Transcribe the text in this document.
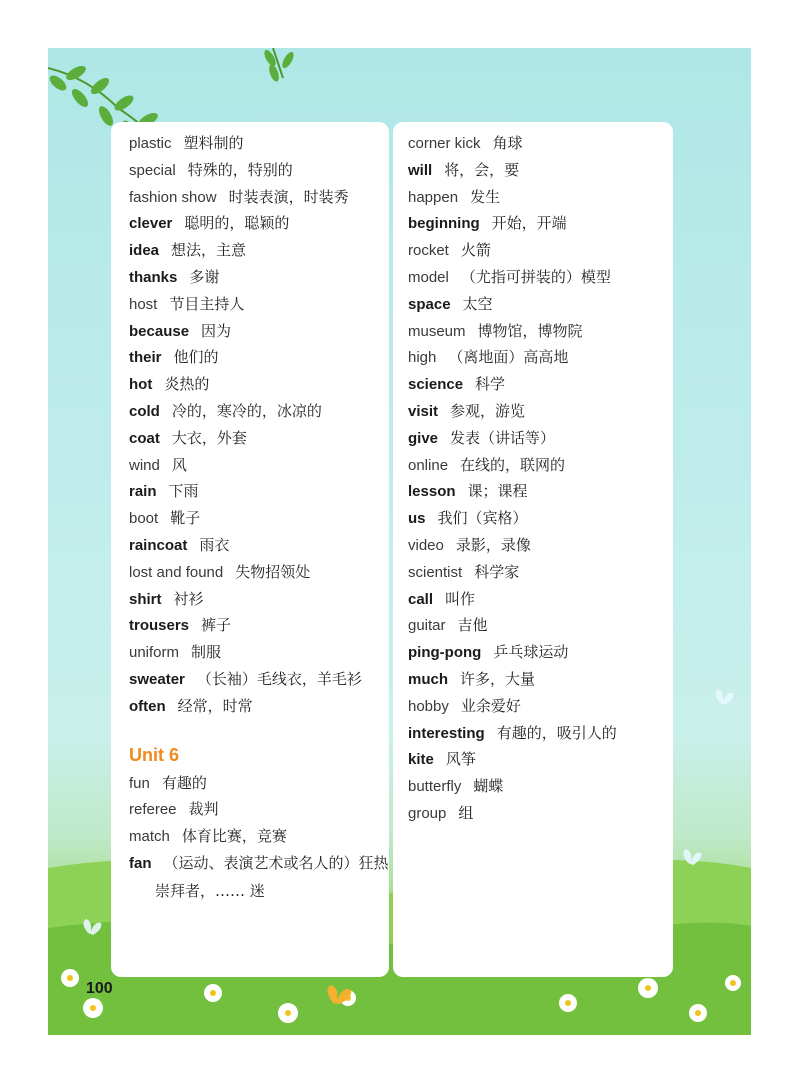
plastic 塑料制的
special 特殊的，特别的
fashion show 时装表演，时装秀
clever 聪明的，聪颖的
idea 想法，主意
thanks 多谢
host 节目主持人
because 因为
their 他们的
hot 炎热的
cold 冷的，寒冷的，冰凉的
coat 大衣，外套
wind 风
rain 下雨
boot 靴子
raincoat 雨衣
lost and found 失物招领处
shirt 衬衫
trousers 裤子
uniform 制服
sweater （长袖）毛线衣，羊毛衫
often 经常，时常
Unit 6
fun 有趣的
referee 裁判
match 体育比赛，竞赛
fan （运动、表演艺术或名人的）狂热
崇拜者，…… 迷
corner kick 角球
will 将，会，要
happen 发生
beginning 开始，开端
rocket 火箭
model （尤指可拼装的）模型
space 太空
museum 博物馆，博物院
high （离地面）高高地
science 科学
visit 参观，游览
give 发表（讲话等）
online 在线的，联网的
lesson 课；课程
us 我们（宾格）
video 录影，录像
scientist 科学家
call 叫作
guitar 吉他
ping-pong 乒乓球运动
much 许多，大量
hobby 业余爱好
interesting 有趣的，吸引人的
kite 风筝
butterfly 蝴蝶
group 组
100
